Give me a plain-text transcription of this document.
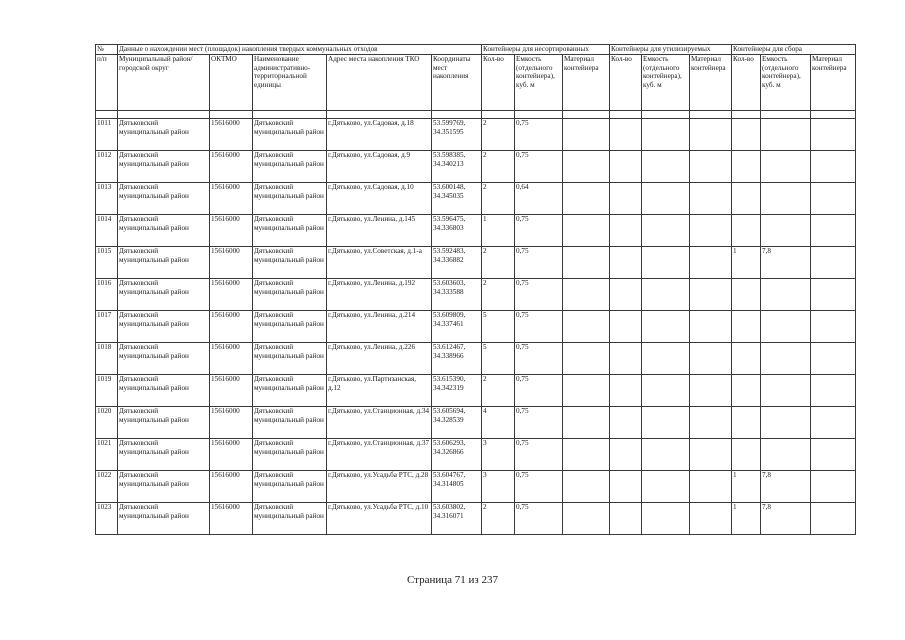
№	Данные о нахождении мест (площадок) накопления твердых коммунальных отходов					Контейнеры для несортированных			Контейнеры для утилизируемых			Контейнеры для сбора		
п/п	Муниципальный район/городской округ	ОКТМО	Наименование административно-территориальной единицы	Адрес места накопления ТКО	Координаты мест накопления	Кол-во	Емкость (отдельного контейнера), куб. м	Материал контейнера	Кол-во	Емкость (отдельного контейнера), куб. м	Материал контейнера	Кол-во	Емкость (отдельного контейнера), куб. м	Материал контейнера

1011	Дятьковский муниципальный район	15616000	Дятьковский муниципальный район	г.Дятьково, ул.Садовая, д.18	53.599769, 34.351595	2	0,75							
1012	Дятьковский муниципальный район	15616000	Дятьковский муниципальный район	г.Дятьково, ул.Садовая, д.9	53.598385, 34.340213	2	0,75							
1013	Дятьковский муниципальный район	15616000	Дятьковский муниципальный район	г.Дятьково, ул.Садовая, д.10	53.600148, 34.345035	2	0,64							
1014	Дятьковский муниципальный район	15616000	Дятьковский муниципальный район	г.Дятьково, ул.Ленина, д.145	53.596475, 34.336803	1	0,75							
1015	Дятьковский муниципальный район	15616000	Дятьковский муниципальный район	г.Дятьково, ул.Советская, д.1-а	53.592483, 34.336882	2	0,75					1	7,8	
1016	Дятьковский муниципальный район	15616000	Дятьковский муниципальный район	г.Дятьково, ул.Ленина, д.192	53.603603, 34.333588	2	0,75							
1017	Дятьковский муниципальный район	15616000	Дятьковский муниципальный район	г.Дятьково, ул.Ленина, д.214	53.609809, 34.337461	5	0,75							
1018	Дятьковский муниципальный район	15616000	Дятьковский муниципальный район	г.Дятьково, ул.Ленина, д.226	53.612467, 34.338966	5	0,75							
1019	Дятьковский муниципальный район	15616000	Дятьковский муниципальный район	г.Дятьково, ул.Партизанская, д.12	53.615390, 34.342319	2	0,75							
1020	Дятьковский муниципальный район	15616000	Дятьковский муниципальный район	г.Дятьково, ул.Станционная, д.34	53.605694, 34.328539	4	0,75							
1021	Дятьковский муниципальный район	15616000	Дятьковский муниципальный район	г.Дятьково, ул.Станционная, д.37	53.606293, 34.326866	3	0,75							
1022	Дятьковский муниципальный район	15616000	Дятьковский муниципальный район	г.Дятьково, ул.Усадьба РТС, д.28	53.604767, 34.314805	3	0,75					1	7,8	
1023	Дятьковский муниципальный район	15616000	Дятьковский муниципальный район	г.Дятьково, ул.Усадьба РТС, д.10	53.603802, 34.316071	2	0,75					1	7,8	
Страница 71 из 237
